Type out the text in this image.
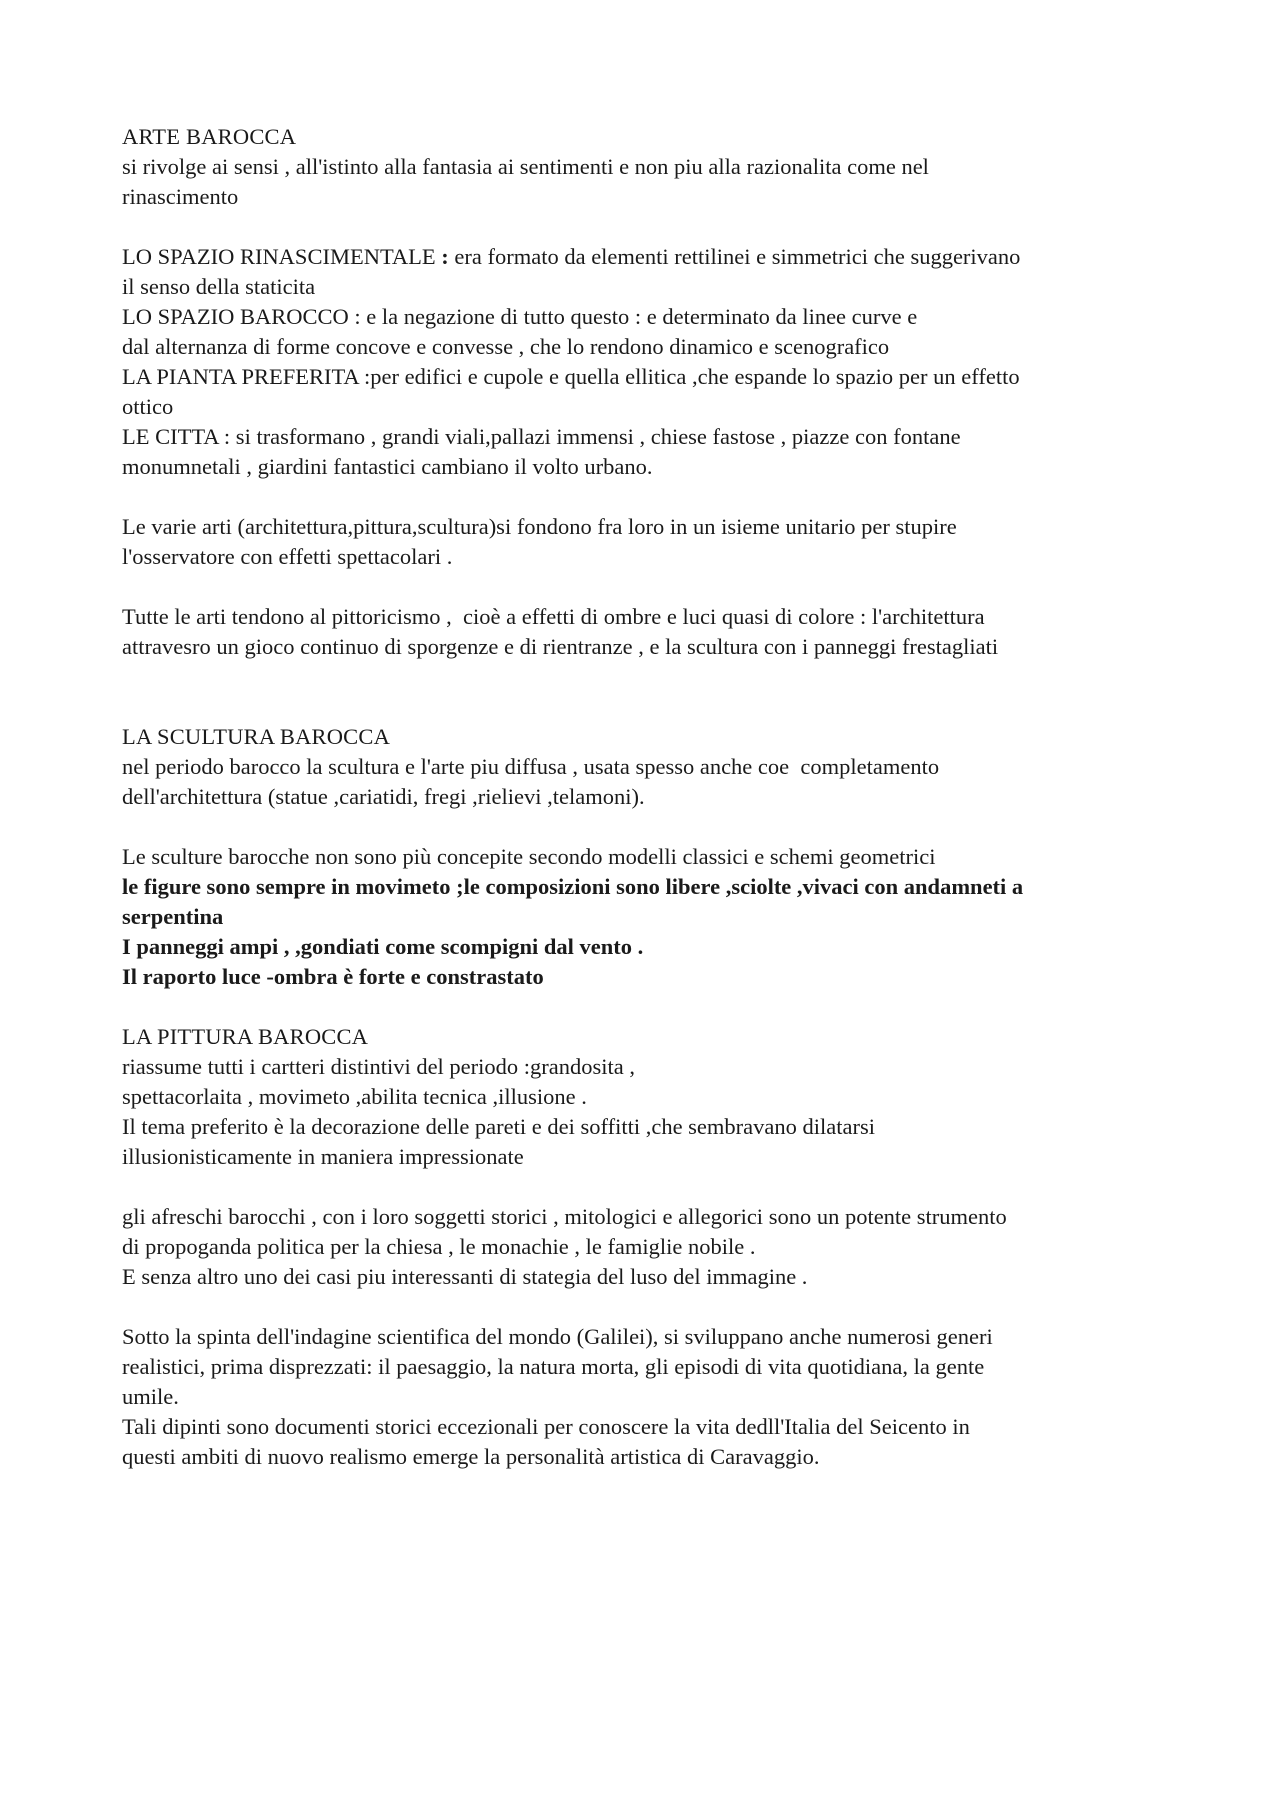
ARTE BAROCCA
si rivolge ai sensi , all'istinto alla fantasia ai sentimenti e non piu alla razionalita come nel
rinascimento
LO SPAZIO RINASCIMENTALE : era formato da elementi rettilinei e simmetrici che suggerivano
il senso della staticita
LO SPAZIO BAROCCO : e la negazione di tutto questo : e determinato da linee curve e
dal alternanza di forme concove e convesse , che lo rendono dinamico e scenografico
LA PIANTA PREFERITA :per edifici e cupole e quella ellitica ,che espande lo spazio per un effetto
ottico
LE CITTA : si trasformano , grandi viali,pallazi immensi , chiese fastose , piazze con fontane
monumnetali , giardini fantastici cambiano il volto urbano.
Le varie arti (architettura,pittura,scultura)si fondono fra loro in un isieme unitario per stupire
l'osservatore con effetti spettacolari .
Tutte le arti tendono al pittoricismo ,  cioè a effetti di ombre e luci quasi di colore : l'architettura
attravesro un gioco continuo di sporgenze e di rientranze , e la scultura con i panneggi frestagliati
LA SCULTURA BAROCCA
nel periodo barocco la scultura e l'arte piu diffusa , usata spesso anche coe  completamento
dell'architettura (statue ,cariatidi, fregi ,rielievi ,telamoni).
Le sculture barocche non sono più concepite secondo modelli classici e schemi geometrici
le figure sono sempre in movimeto ;le composizioni sono libere ,sciolte ,vivaci con andamneti a
serpentina
I panneggi ampi , ,gondiati come scompigni dal vento .
Il raporto luce -ombra è forte e constrastato
LA PITTURA BAROCCA
riassume tutti i cartteri distintivi del periodo :grandosita ,
spettacorlaita , movimeto ,abilita tecnica ,illusione .
Il tema preferito è la decorazione delle pareti e dei soffitti ,che sembravano dilatarsi
illusionisticamente in maniera impressionate
gli afreschi barocchi , con i loro soggetti storici , mitologici e allegorici sono un potente strumento
di propoganda politica per la chiesa , le monachie , le famiglie nobile .
E senza altro uno dei casi piu interessanti di stategia del luso del immagine .
Sotto la spinta dell'indagine scientifica del mondo (Galilei), si sviluppano anche numerosi generi
realistici, prima disprezzati: il paesaggio, la natura morta, gli episodi di vita quotidiana, la gente
umile.
Tali dipinti sono documenti storici eccezionali per conoscere la vita dedll'Italia del Seicento in
questi ambiti di nuovo realismo emerge la personalità artistica di Caravaggio.
